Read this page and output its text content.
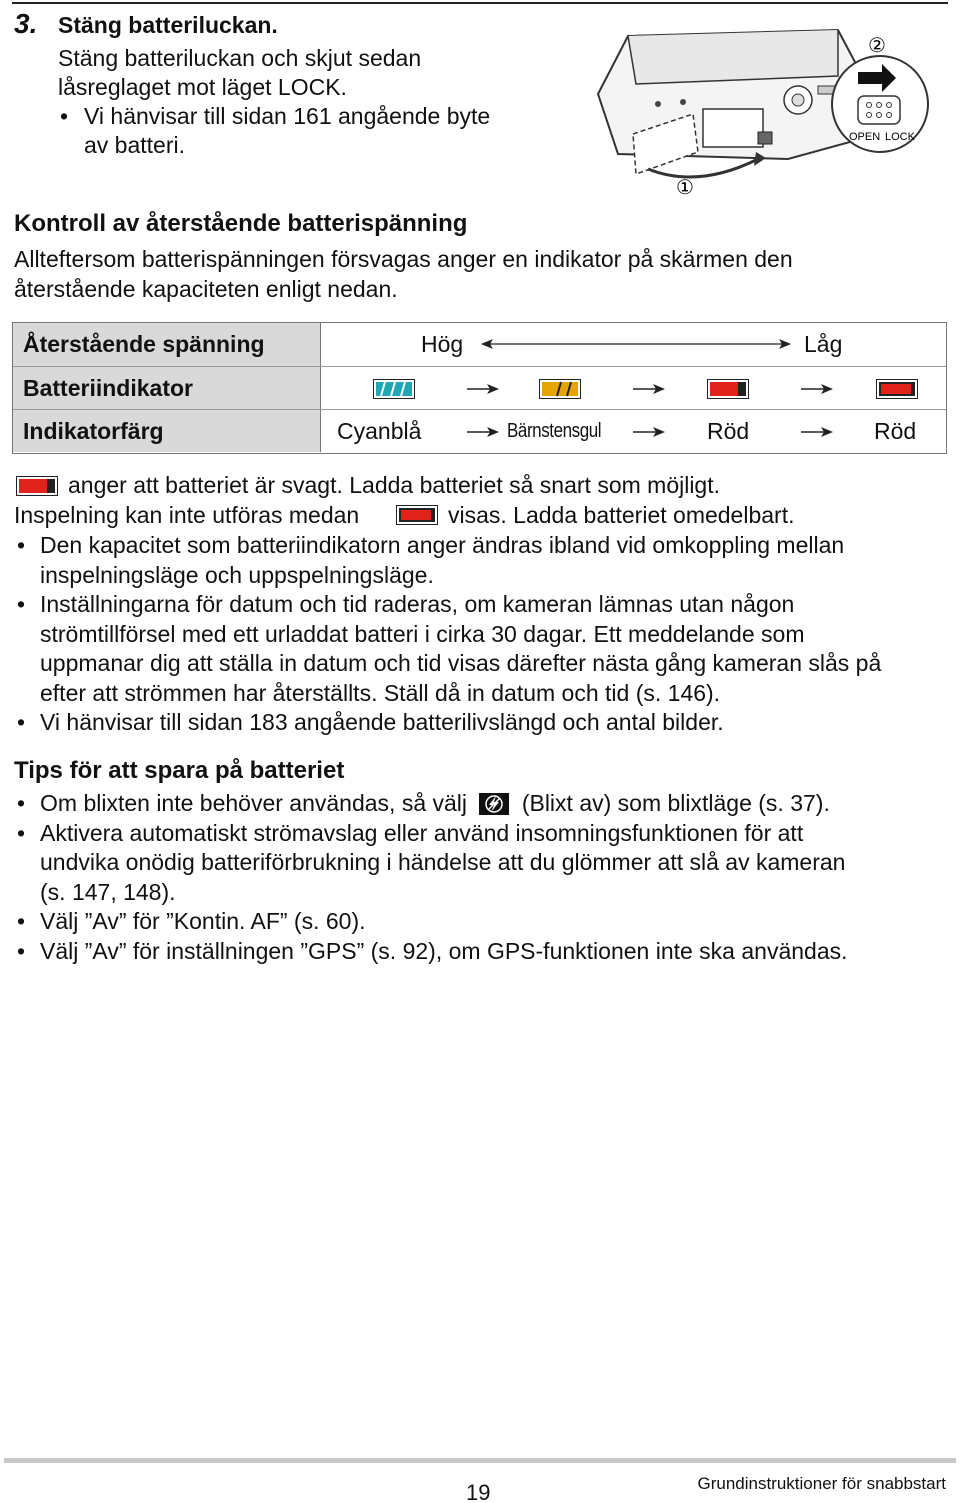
3. Stäng batteriluckan.
Stäng batteriluckan och skjut sedan
låsreglaget mot läget LOCK.
• Vi hänvisar till sidan 161 angående byte
av batteri.	OPEN LOCK
②
①
Kontroll av återstående batterispänning
Allteftersom batterispänningen försvagas anger en indikator på skärmen den
återstående kapaciteten enligt nedan.
Återstående spänning	Hög	Låg
Batteriindikator
Indikatorfärg	Cyanblå	Bärnstensgul	Röd	Röd
anger att batteriet är svagt. Ladda batteriet så snart som möjligt.
Inspelning kan inte utföras medan	visas. Ladda batteriet omedelbart.
• Den kapacitet som batteriindikatorn anger ändras ibland vid omkoppling mellan
inspelningsläge och uppspelningsläge.
• Inställningarna för datum och tid raderas, om kameran lämnas utan någon
strömtillförsel med ett urladdat batteri i cirka 30 dagar. Ett meddelande som
uppmanar dig att ställa in datum och tid visas därefter nästa gång kameran slås på
efter att strömmen har återställts. Ställ då in datum och tid (s. 146).
• Vi hänvisar till sidan 183 angående batterilivslängd och antal bilder.
Tips för att spara på batteriet
• Om blixten inte behöver användas, så välj (Blixt av) som blixtläge (s. 37).
• Aktivera automatiskt strömavslag eller använd insomningsfunktionen för att
undvika onödig batteriförbrukning i händelse att du glömmer att slå av kameran
(s. 147, 148).
• Välj ”Av” för ”Kontin. AF” (s. 60).
• Välj ”Av” för inställningen ”GPS” (s. 92), om GPS-funktionen inte ska användas.
19	Grundinstruktioner för snabbstart
